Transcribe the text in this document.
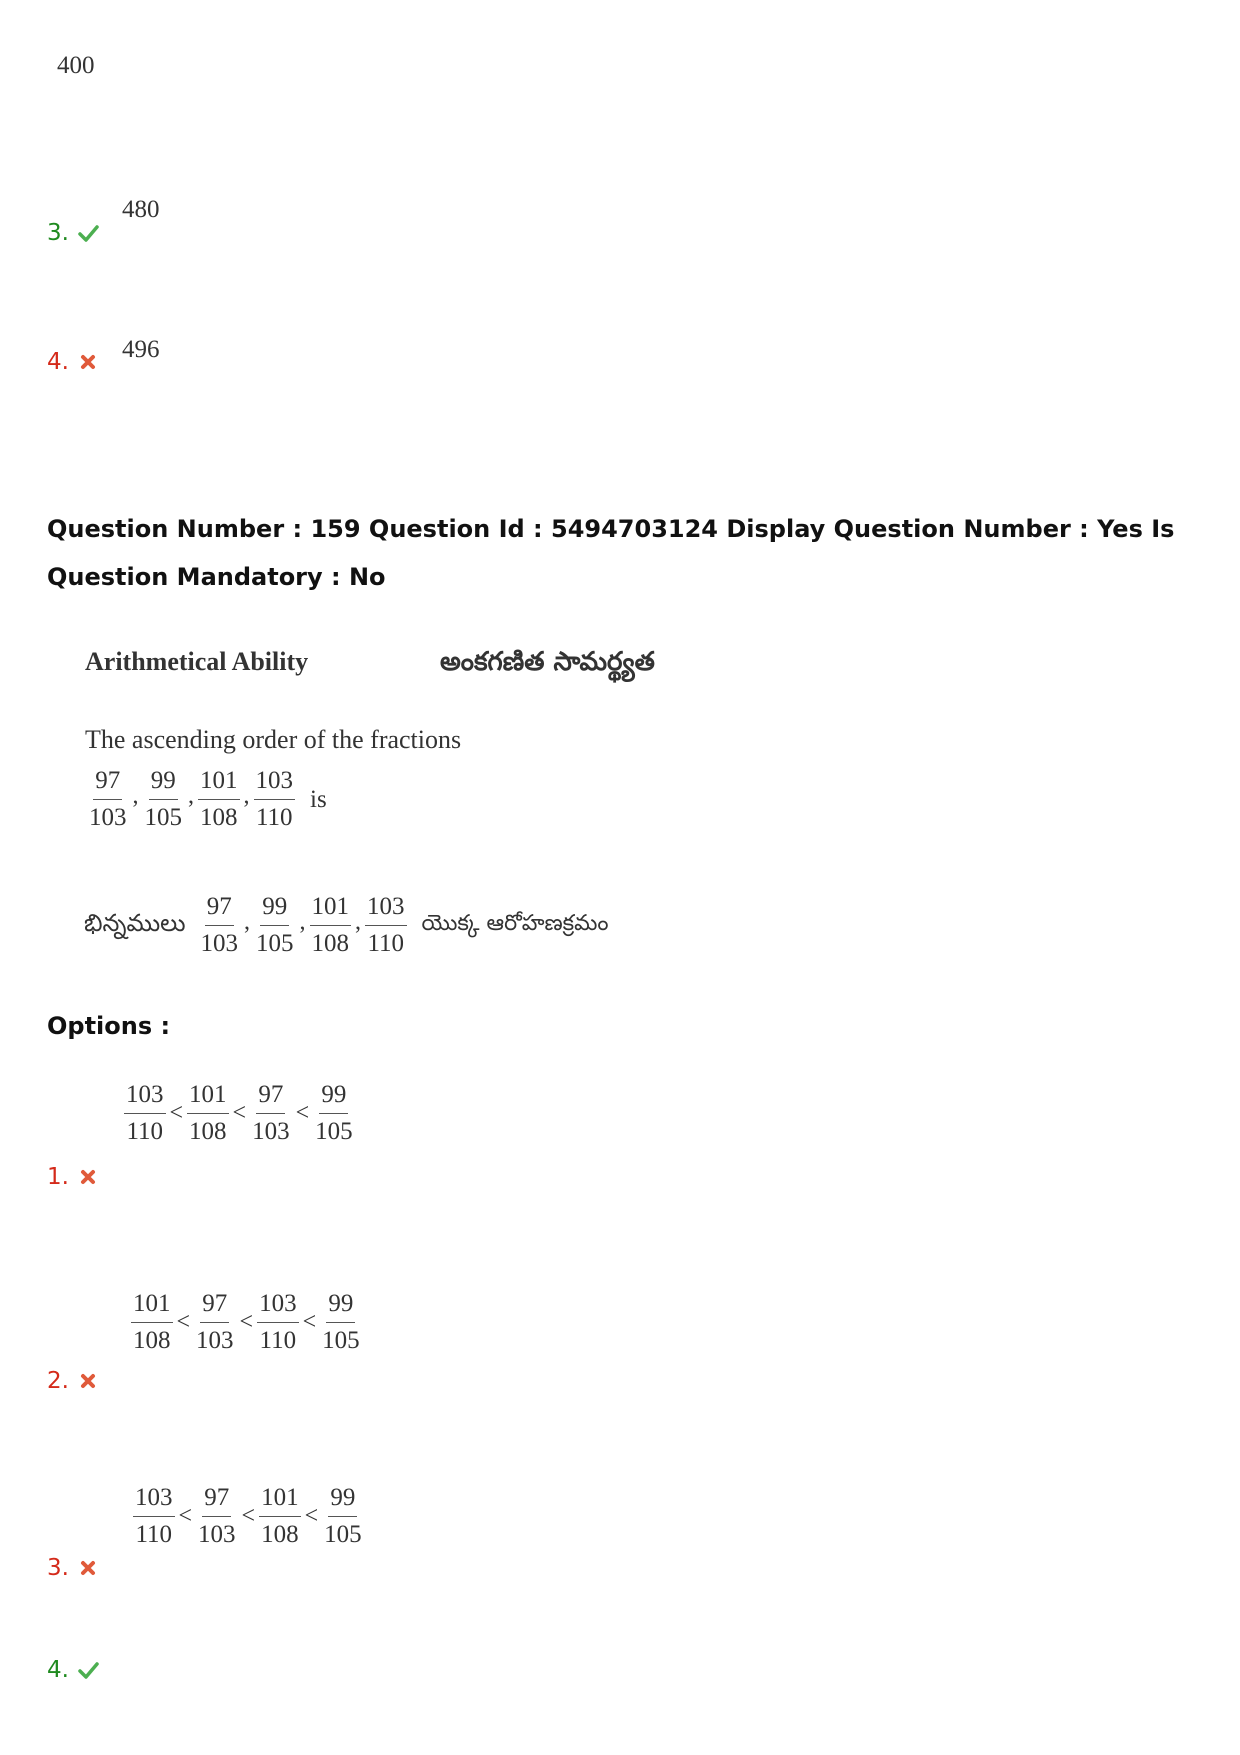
400
3.
480
4. 496
Question Number : 159 Question Id : 5494703124 Display Question Number : Yes Is Question Mandatory : No
Arithmetical Ability	అంకగణిత సామర్థ్యత
The ascending order of the fractions
$\frac{97}{103}$ , $\frac{99}{105}$ , $\frac{101}{108}$ , $\frac{103}{110}$ is
భిన్నములు $\frac{97}{103}$ , $\frac{99}{105}$ , $\frac{101}{108}$ , $\frac{103}{110}$ యొక్క ఆరోహణక్రమం
Options :
$\frac{103}{110} < \frac{101}{108} < \frac{97}{103} < \frac{99}{105}$
1.
$\frac{101}{108} < \frac{97}{103} < \frac{103}{110} < \frac{99}{105}$
2.
$\frac{103}{110} < \frac{97}{103} < \frac{101}{108} < \frac{99}{105}$
3.
4.
